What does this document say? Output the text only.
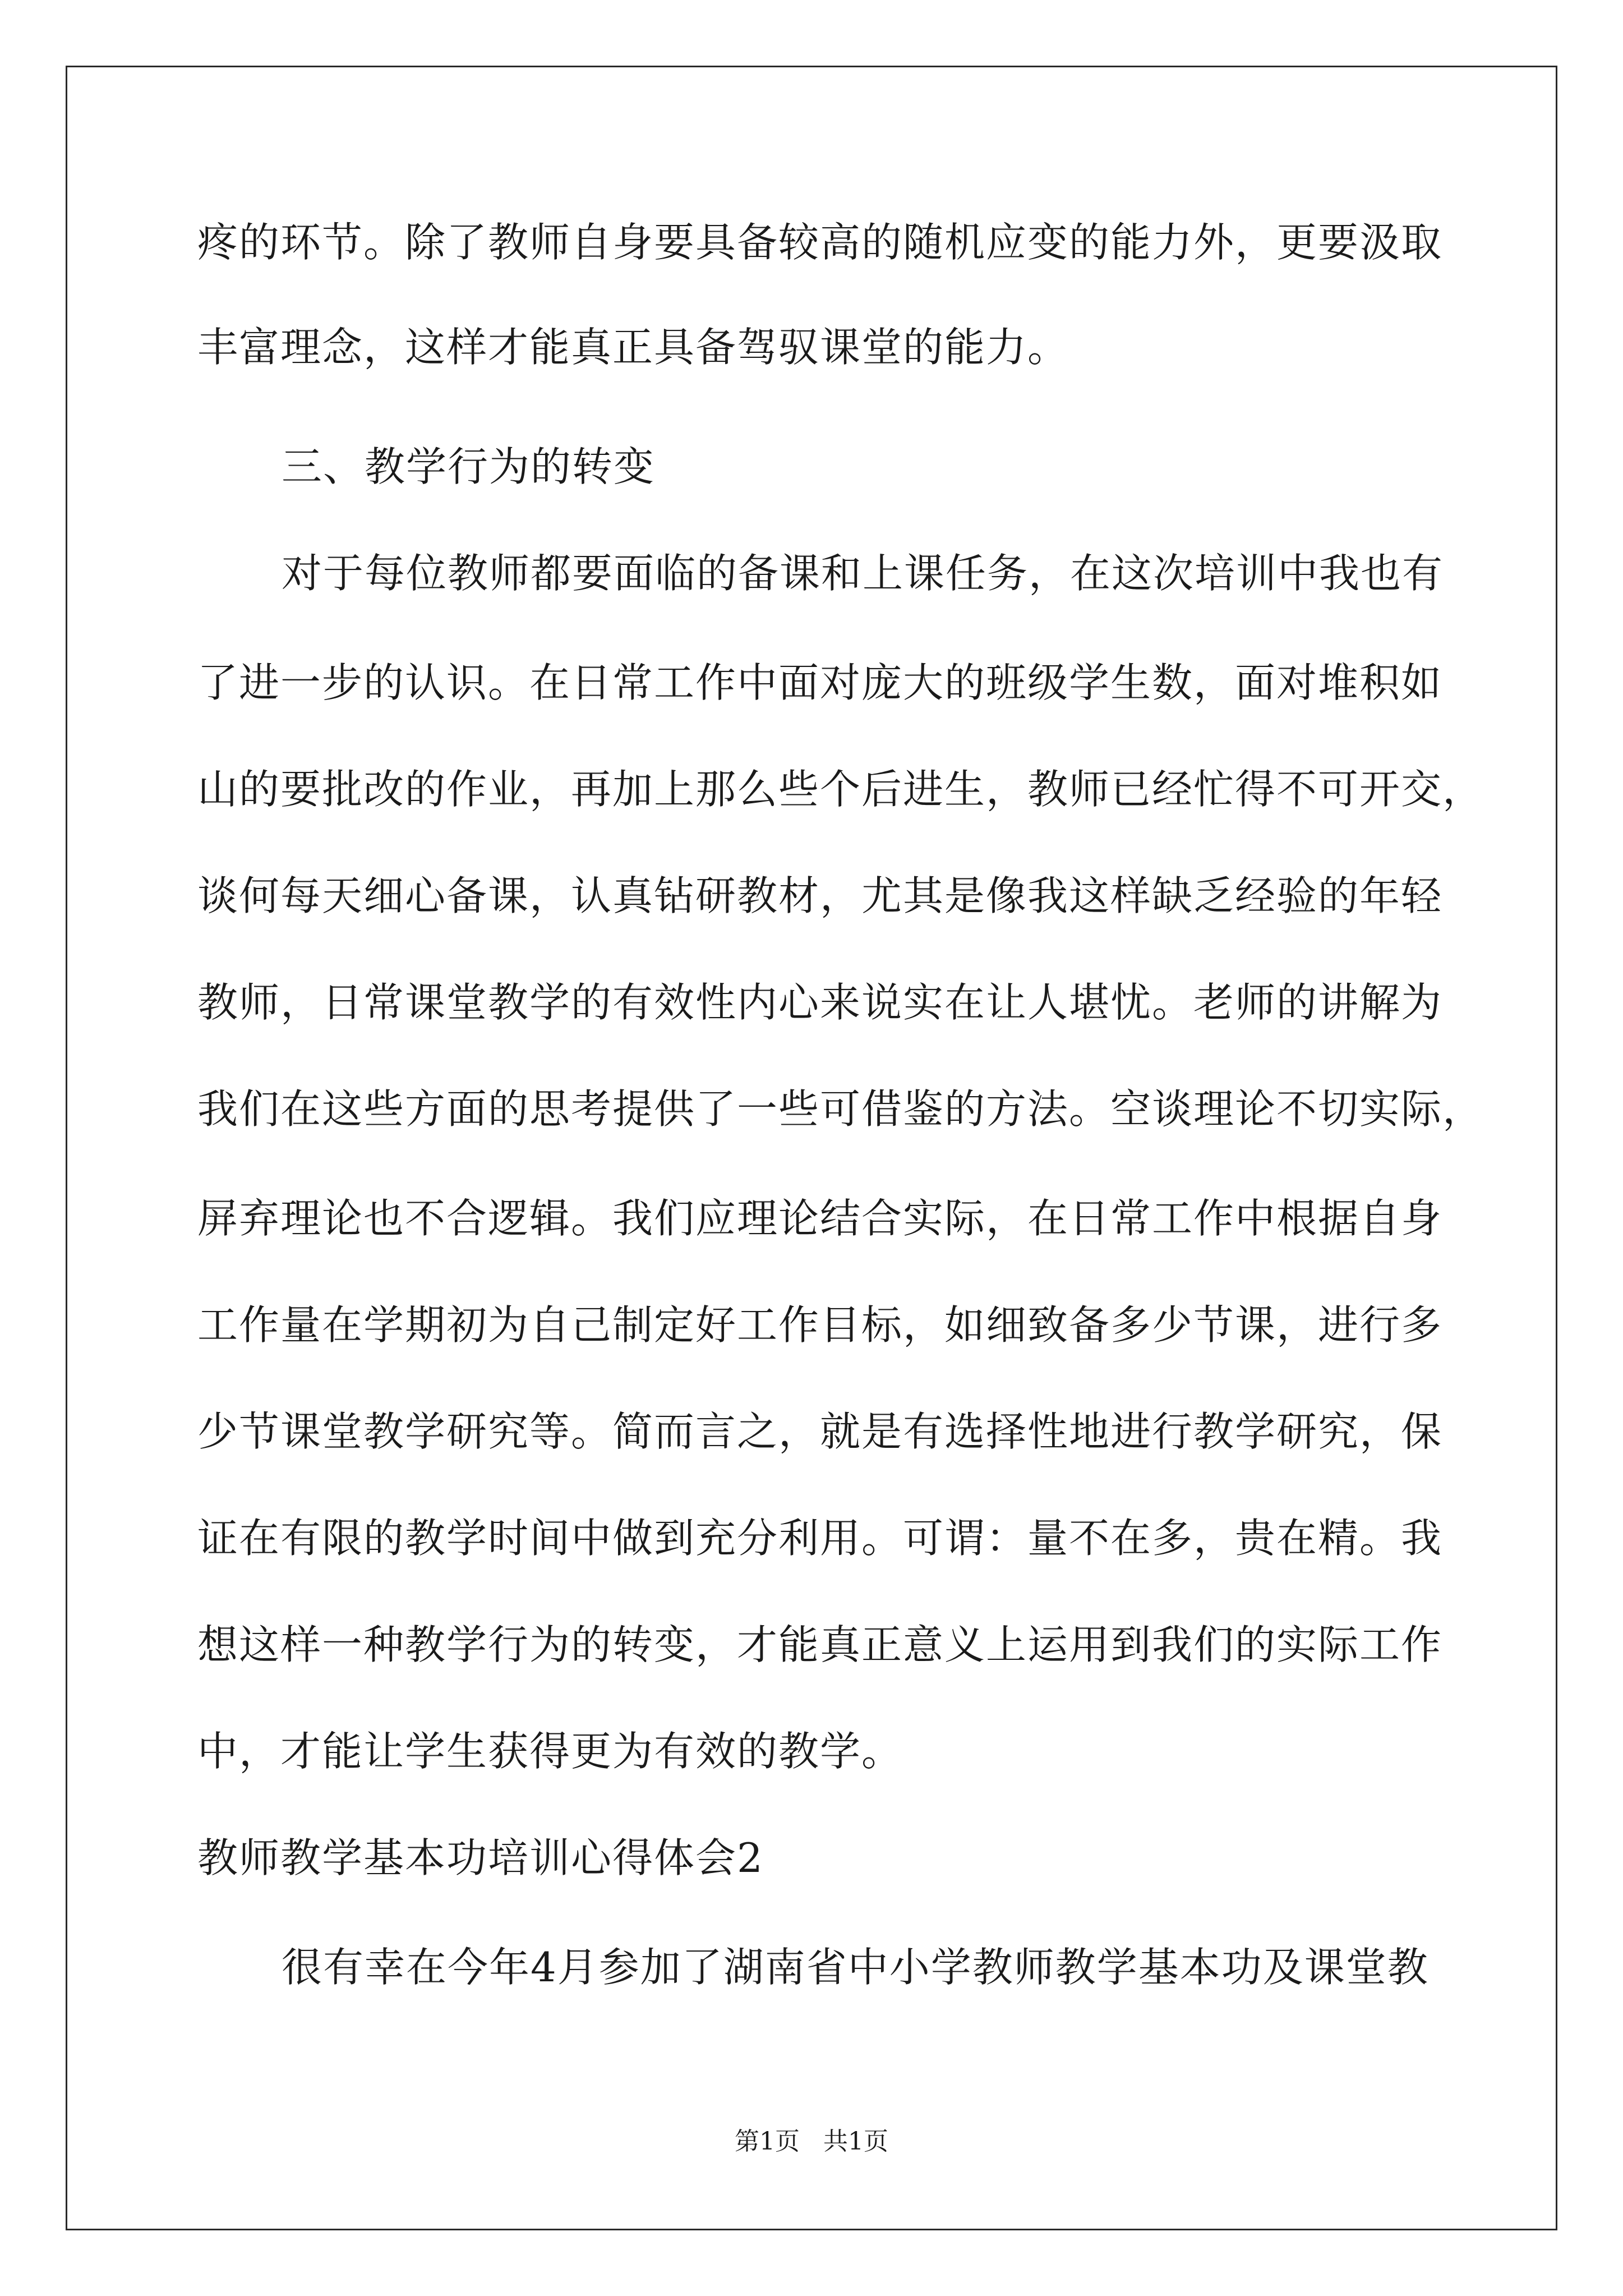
疼的环节。除了教师自身要具备较高的随机应变的能力外，更要汲取
丰富理念，这样才能真正具备驾驭课堂的能力。
三、教学行为的转变
对于每位教师都要面临的备课和上课任务，在这次培训中我也有
了进一步的认识。在日常工作中面对庞大的班级学生数，面对堆积如
山的要批改的作业，再加上那么些个后进生，教师已经忙得不可开交，
谈何每天细心备课，认真钻研教材，尤其是像我这样缺乏经验的年轻
教师，日常课堂教学的有效性内心来说实在让人堪忧。老师的讲解为
我们在这些方面的思考提供了一些可借鉴的方法。空谈理论不切实际，
屏弃理论也不合逻辑。我们应理论结合实际，在日常工作中根据自身
工作量在学期初为自己制定好工作目标，如细致备多少节课，进行多
少节课堂教学研究等。简而言之，就是有选择性地进行教学研究，保
证在有限的教学时间中做到充分利用。可谓：量不在多，贵在精。我
想这样一种教学行为的转变，才能真正意义上运用到我们的实际工作
中，才能让学生获得更为有效的教学。
教师教学基本功培训心得体会2
很有幸在今年4月参加了湖南省中小学教师教学基本功及课堂教
第1页 共1页
